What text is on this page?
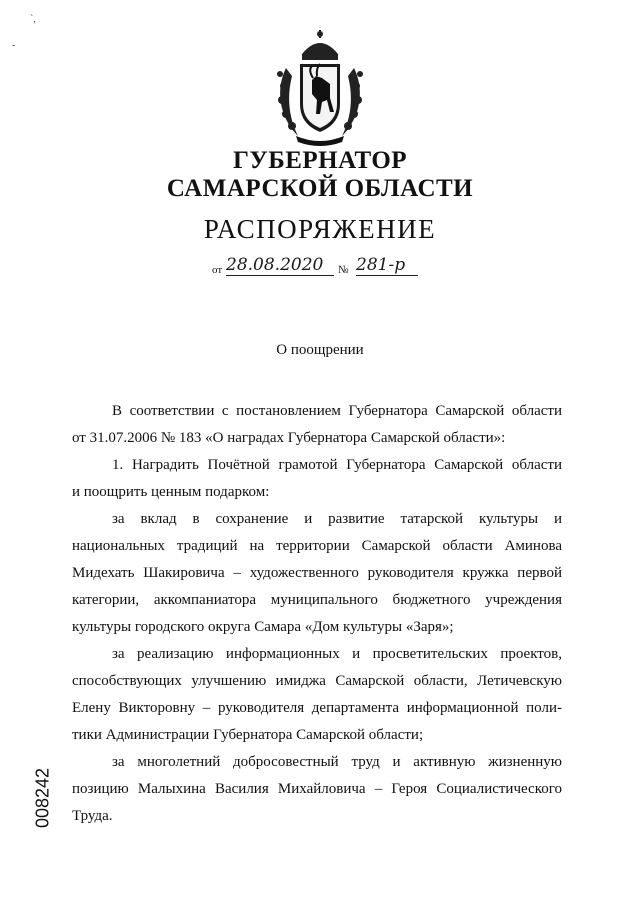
`,
-
ГУБЕРНАТОР
САМАРСКОЙ ОБЛАСТИ
РАСПОРЯЖЕНИЕ
от 28.08.2020	№ 281-р
О поощрении
В соответствии с постановлением Губернатора Самарской области
от 31.07.2006 № 183 «О наградах Губернатора Самарской области»:
1. Наградить Почётной грамотой Губернатора Самарской области
и поощрить ценным подарком:
за вклад в сохранение и развитие татарской культуры и
национальных традиций на территории Самарской области Аминова
Мидехать Шакировича – художественного руководителя кружка первой
категории, аккомпаниатора муниципального бюджетного учреждения
культуры городского округа Самара «Дом культуры «Заря»;
за реализацию информационных и просветительских проектов,
способствующих улучшению имиджа Самарской области, Летичевскую
Елену Викторовну – руководителя департамента информационной поли-
тики Администрации Губернатора Самарской области;
за многолетний добросовестный труд и активную жизненную
позицию Малыхина Василия Михайловича – Героя Социалистического
Труда.
008242
